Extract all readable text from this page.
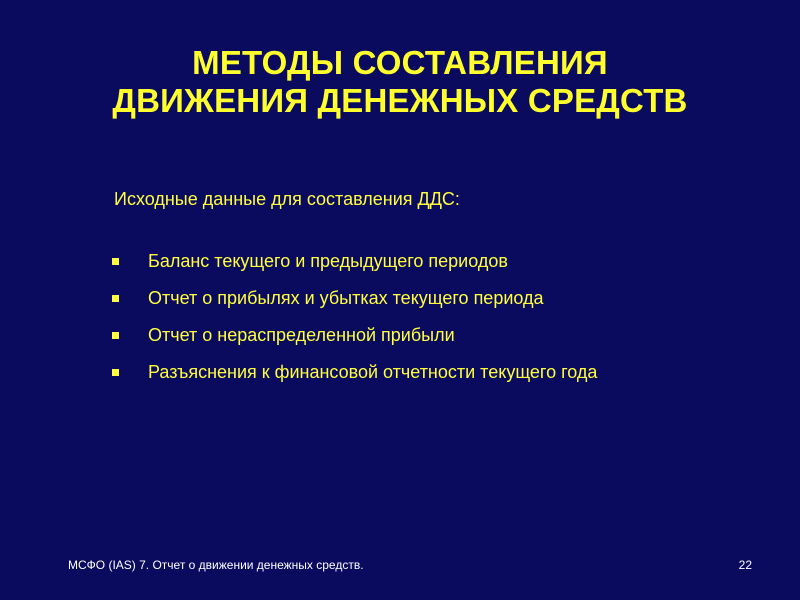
МЕТОДЫ СОСТАВЛЕНИЯ
ДВИЖЕНИЯ ДЕНЕЖНЫХ СРЕДСТВ

Исходные данные для составления ДДС:

Баланс текущего и предыдущего периодов
Отчет о прибылях и убытках текущего периода
Отчет о нераспределенной прибыли
Разъяснения к финансовой отчетности текущего года
МСФО (IAS) 7. Отчет о движении денежных средств.	22
